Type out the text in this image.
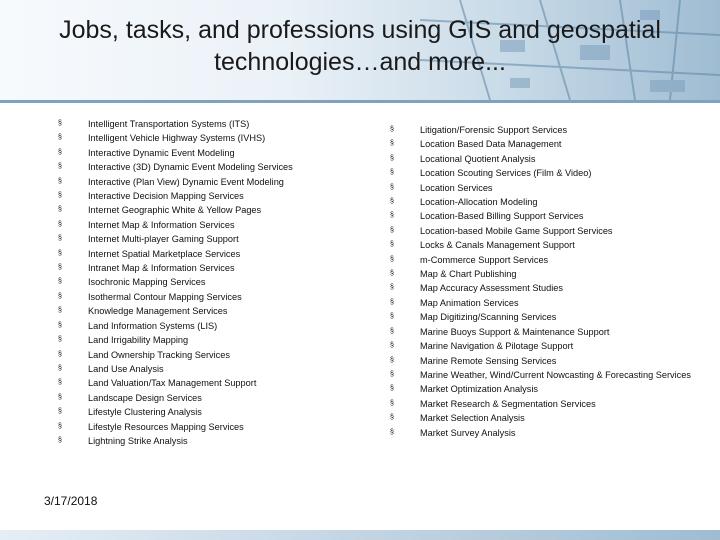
Jobs, tasks, and professions using GIS and geospatial technologies…and more...
§	Intelligent Transportation Systems (ITS)
§	Intelligent Vehicle Highway Systems (IVHS)
§	Interactive Dynamic Event Modeling
§	Interactive (3D) Dynamic Event Modeling Services
§	Interactive (Plan View) Dynamic Event Modeling
§	Interactive Decision Mapping Services
§	Internet Geographic White & Yellow Pages
§	Internet Map & Information Services
§	Internet Multi-player Gaming Support
§	Internet Spatial Marketplace Services
§	Intranet Map & Information Services
§	Isochronic Mapping Services
§	Isothermal Contour Mapping Services
§	Knowledge Management Services
§	Land Information Systems (LIS)
§	Land Irrigability Mapping
§	Land Ownership Tracking Services
§	Land Use Analysis
§	Land Valuation/Tax Management Support
§	Landscape Design Services
§	Lifestyle Clustering Analysis
§	Lifestyle Resources Mapping Services
§	Lightning Strike Analysis
§	Litigation/Forensic Support Services
§	Location Based Data Management
§	Locational Quotient Analysis
§	Location Scouting Services (Film & Video)
§	Location Services
§	Location-Allocation Modeling
§	Location-Based Billing Support Services
§	Location-based Mobile Game Support Services
§	Locks & Canals Management Support
§	m-Commerce Support Services
§	Map & Chart Publishing
§	Map Accuracy Assessment Studies
§	Map Animation Services
§	Map Digitizing/Scanning Services
§	Marine Buoys Support & Maintenance Support
§	Marine Navigation & Pilotage Support
§	Marine Remote Sensing Services
§	Marine Weather, Wind/Current Nowcasting & Forecasting Services
§	Market Optimization Analysis
§	Market Research & Segmentation Services
§	Market Selection Analysis
§	Market Survey Analysis
3/17/2018
